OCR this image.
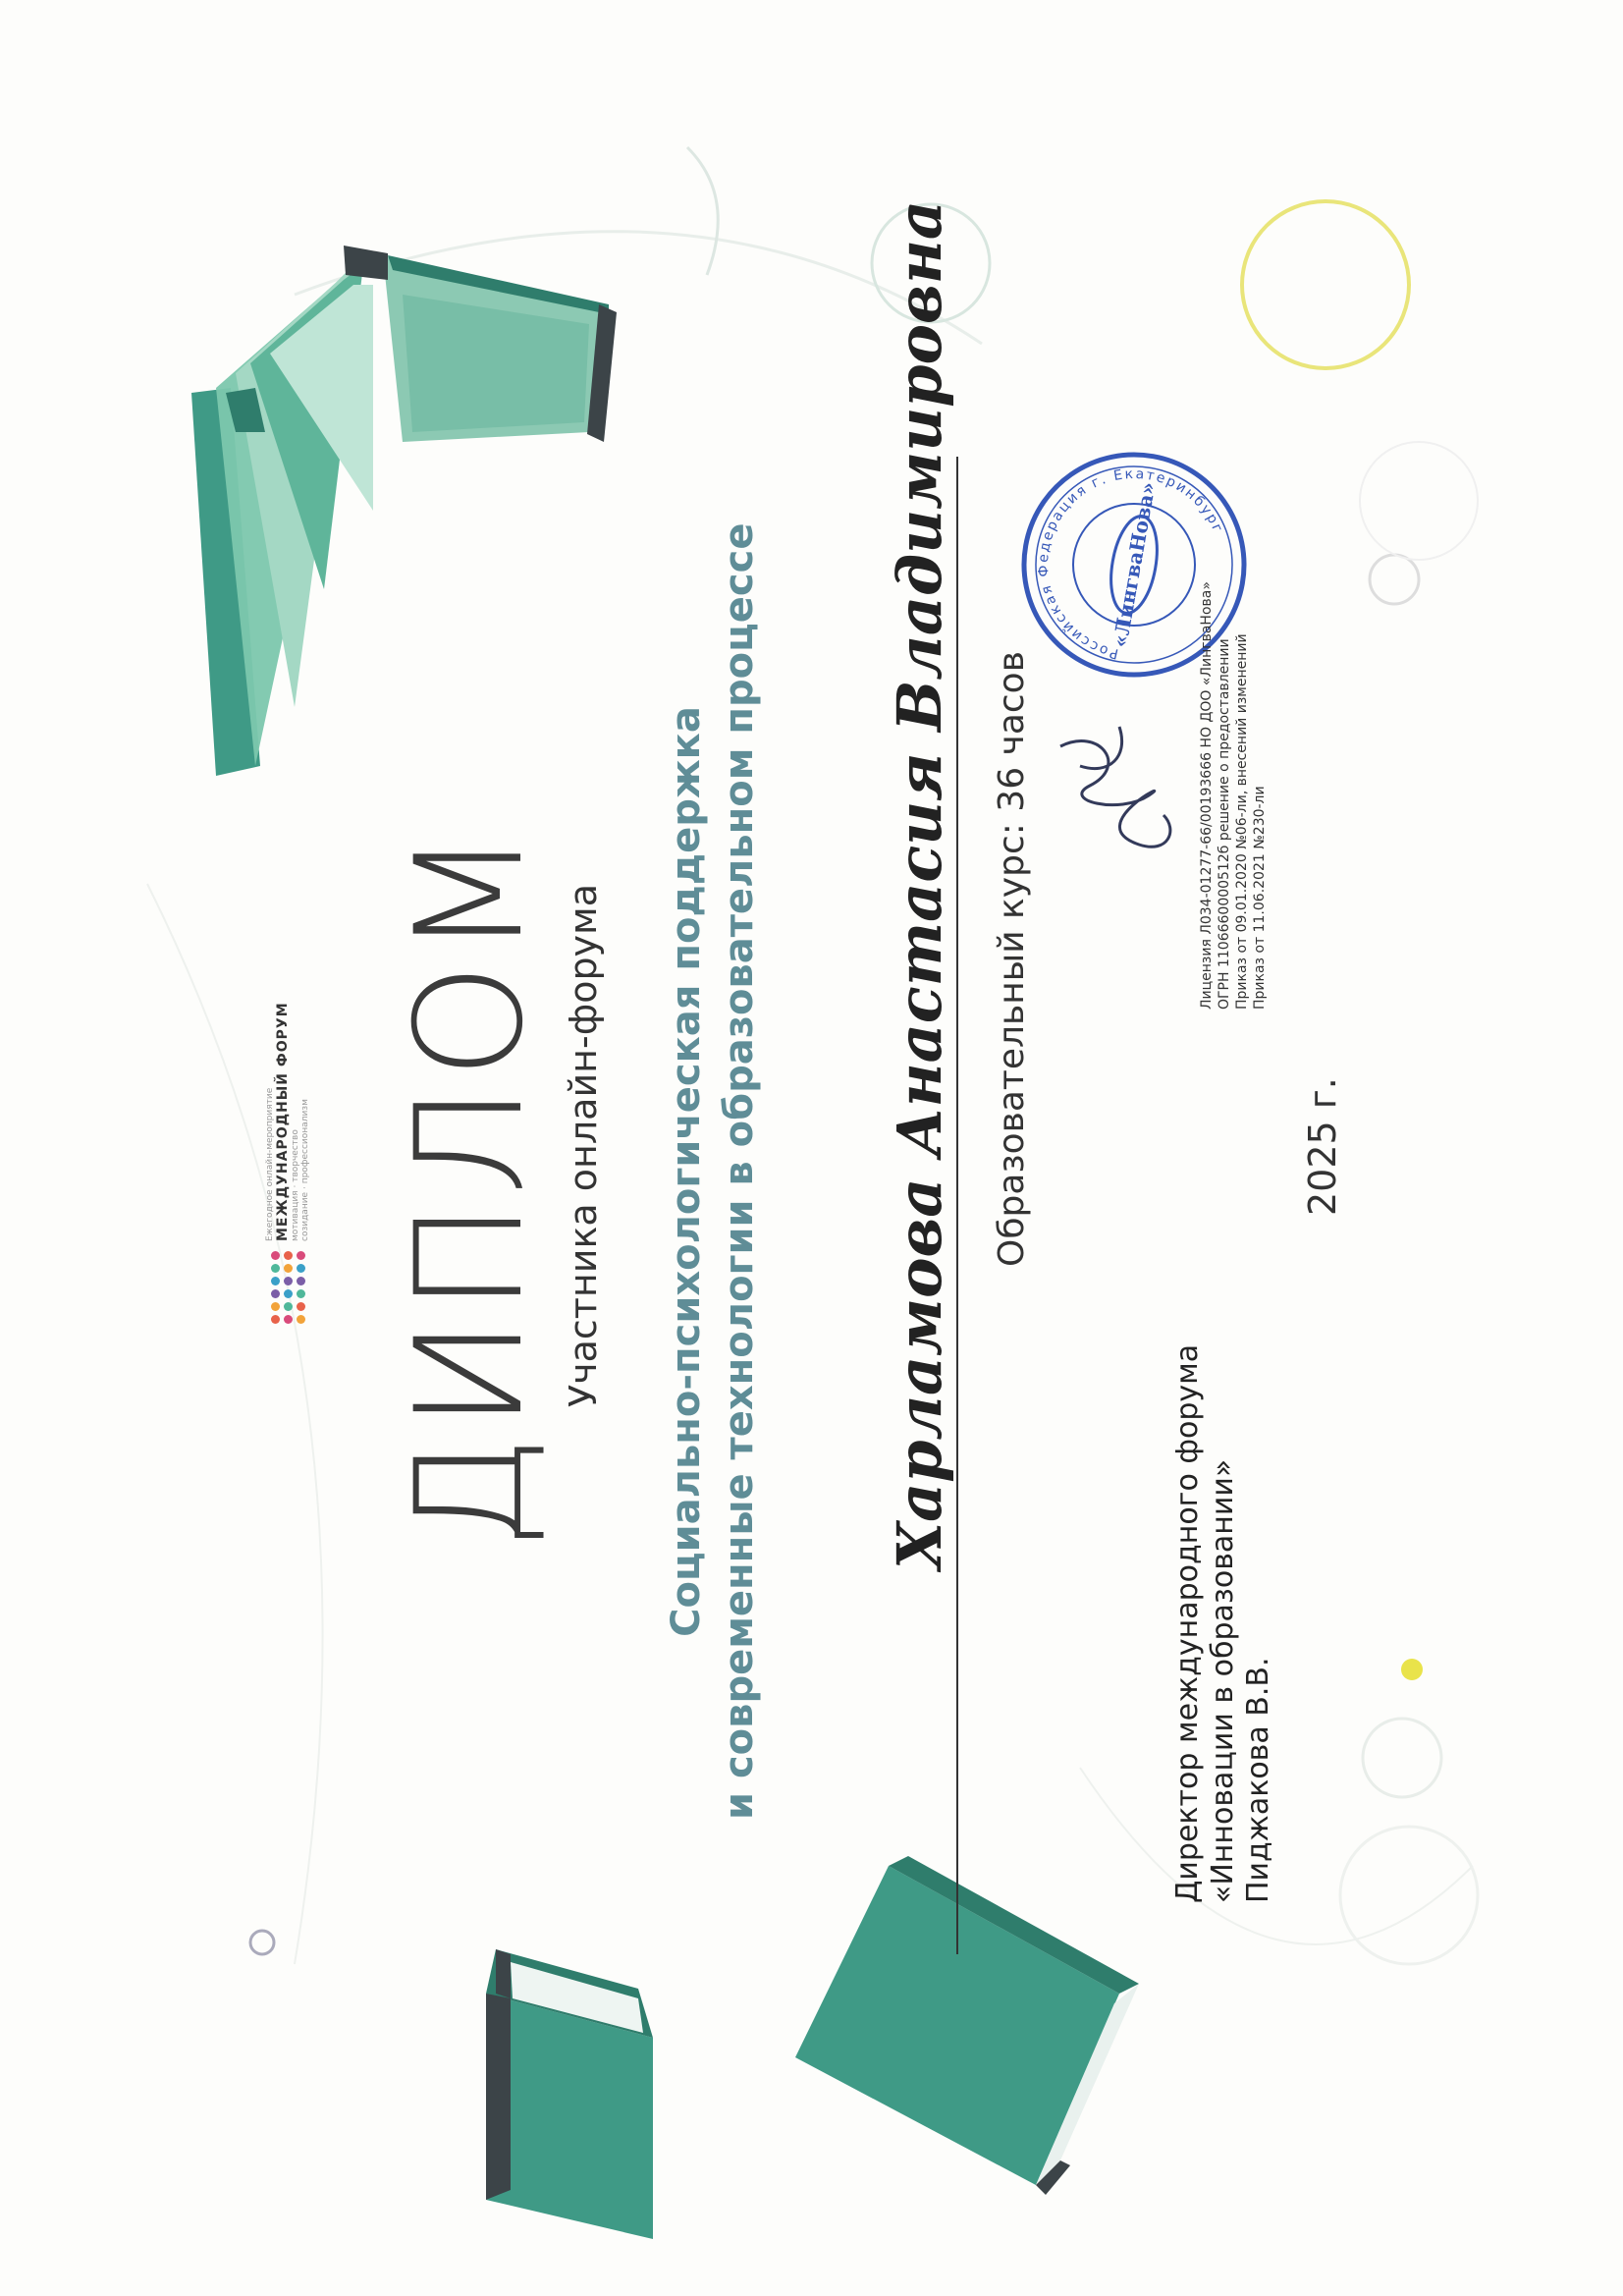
Российская Федерация г. Екатеринбург
«ЛингваНова»
Ежегодное онлайн-мероприятие МЕЖДУНАРОДНЫЙ ФОРУМ мотивация · творчество
созидание · профессионализм ДИПЛОМ Участника онлайн-форума Социально-психологическая поддержка и современные технологии в образовательном процессе Харламова Анастасия Владимировна Образовательный курс: 36 часов	2025 г.
Директор международного форума «Инновации в образовании» Пиджакова В.В.
Лицензия Л034-01277-66/00193666 НО ДОО «ЛингваНова» ОГРН 1106660000512б решение о предоставлении Приказ от 09.01.2020 №06-ли, внесений изменений Приказ от 11.06.2021 №230-ли
